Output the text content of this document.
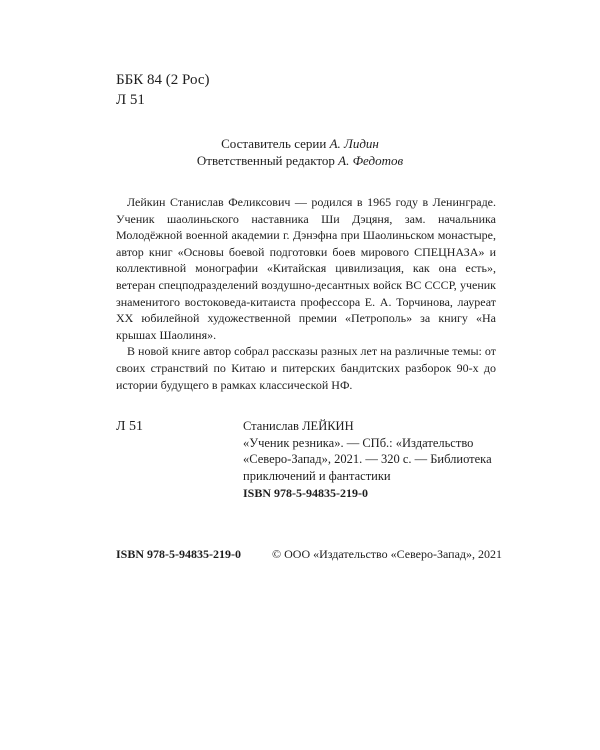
ББК 84 (2 Рос)
Л 51
Составитель серии А. Лидин
Ответственный редактор А. Федотов

Лейкин Станислав Феликсович — родился в 1965 году в Ленинграде. Ученик шаолиньского наставника Ши Дэцяня, зам. начальника Молодёжной военной академии г. Дэнэфна при Шаолиньском монастыре, автор книг «Основы боевой подготовки боев мирового СПЕЦНАЗА» и коллективной монографии «Китайская цивилизация, как она есть», ветеран спецподразделений воздушно-десантных войск ВС СССР, ученик знаменитого востоковеда-китаиста профессора Е. А. Торчинова, лауреат XX юбилейной художественной премии «Петрополь» за книгу «На крышах Шаолиня».

В новой книге автор собрал рассказы разных лет на различные темы: от своих странствий по Китаю и питерских бандитских разборок 90-х до истории будущего в рамках классической НФ.

Л 51	Станислав ЛЕЙКИН
«Ученик резника». — СПб.: «Издательство
«Северо-Запад», 2021. — 320 с. — Библиотека
приключений и фантастики
ISBN 978-5-94835-219-0
ISBN 978-5-94835-219-0	© ООО «Издательство «Северо-Запад», 2021
